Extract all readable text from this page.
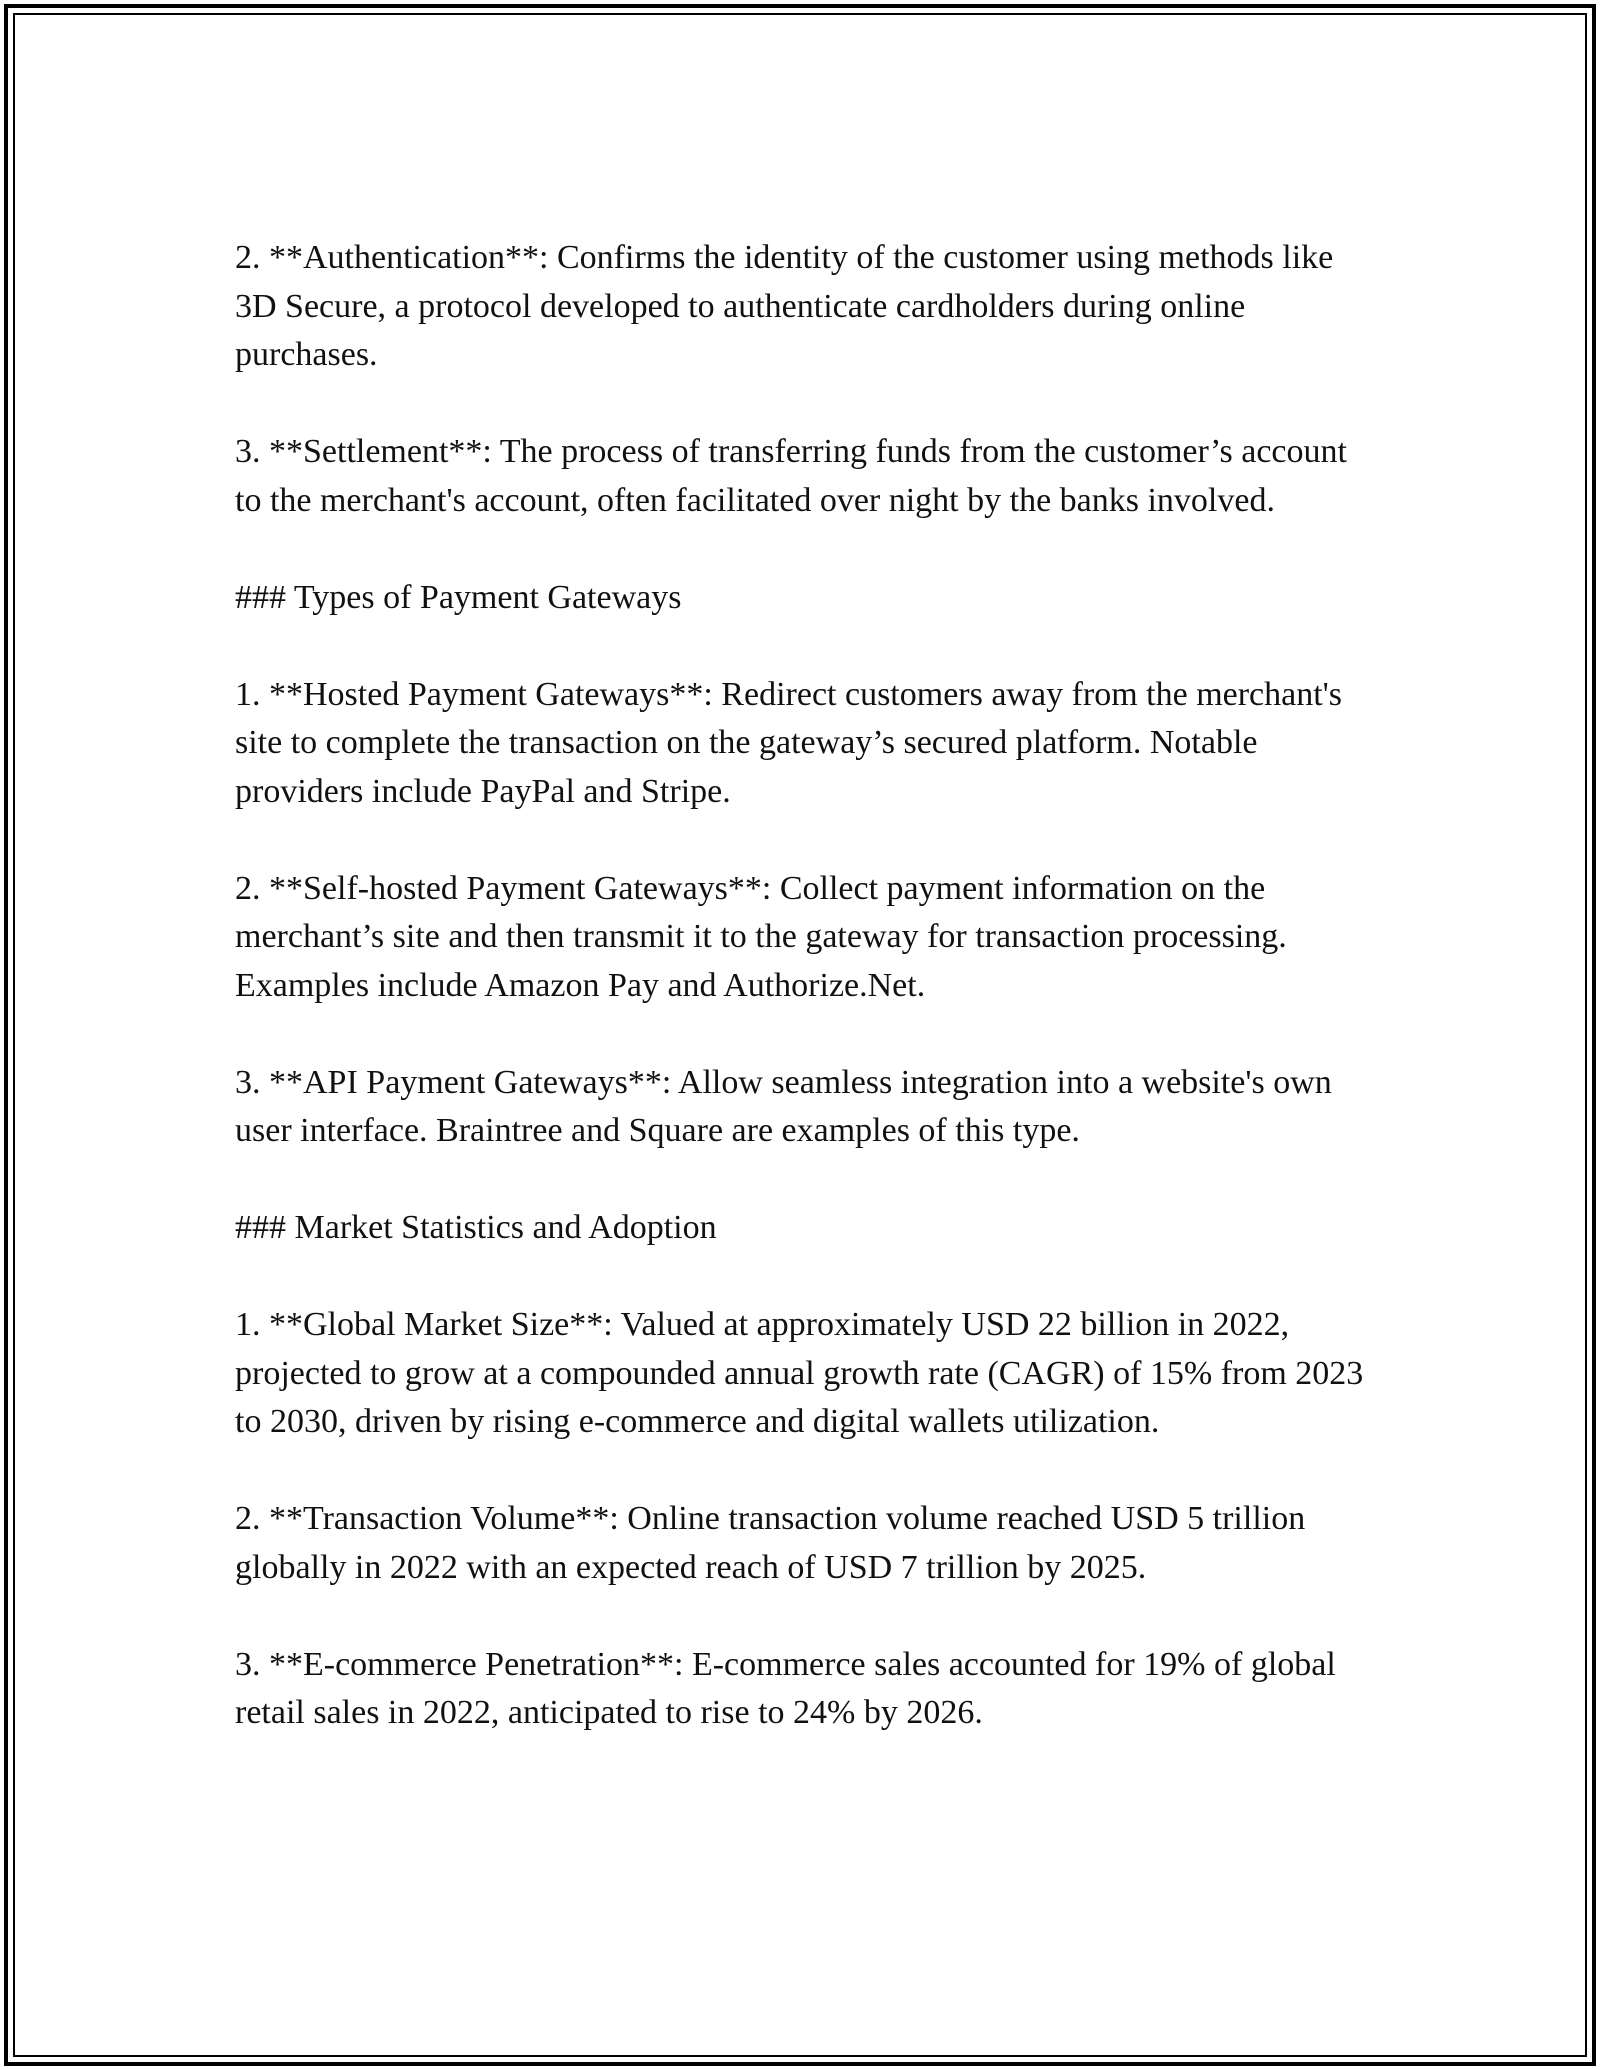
2. **Authentication**: Confirms the identity of the customer using methods like 3D Secure, a protocol developed to authenticate cardholders during online purchases.

3. **Settlement**: The process of transferring funds from the customer’s account to the merchant's account, often facilitated over night by the banks involved.

### Types of Payment Gateways

1. **Hosted Payment Gateways**: Redirect customers away from the merchant's site to complete the transaction on the gateway’s secured platform. Notable providers include PayPal and Stripe.

2. **Self-hosted Payment Gateways**: Collect payment information on the merchant’s site and then transmit it to the gateway for transaction processing. Examples include Amazon Pay and Authorize.Net.

3. **API Payment Gateways**: Allow seamless integration into a website's own user interface. Braintree and Square are examples of this type.

### Market Statistics and Adoption

1. **Global Market Size**: Valued at approximately USD 22 billion in 2022, projected to grow at a compounded annual growth rate (CAGR) of 15% from 2023 to 2030, driven by rising e-commerce and digital wallets utilization.

2. **Transaction Volume**: Online transaction volume reached USD 5 trillion globally in 2022 with an expected reach of USD 7 trillion by 2025.

3. **E-commerce Penetration**: E-commerce sales accounted for 19% of global retail sales in 2022, anticipated to rise to 24% by 2026.
